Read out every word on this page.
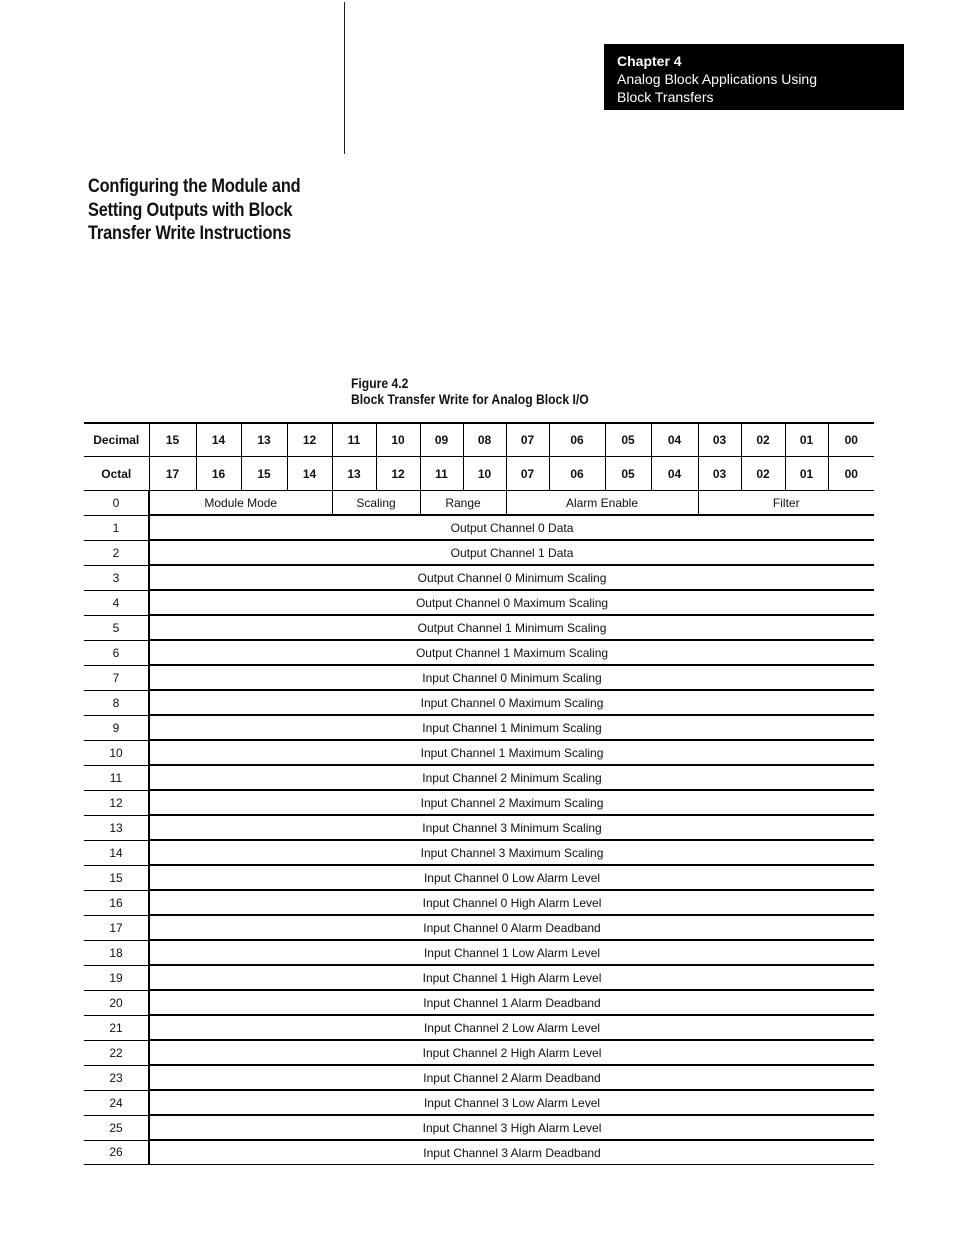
Chapter 4
Analog Block Applications Using
Block Transfers
Configuring the Module and
Setting Outputs with Block
Transfer Write Instructions
Figure 4.2
Block Transfer Write for Analog Block I/O
Decimal	15	14	13	12	11	10	09	08	07	06	05	04	03	02	01	00
Octal	17	16	15	14	13	12	11	10	07	06	05	04	03	02	01	00
0	Module Mode				Scaling		Range		Alarm Enable				Filter			
1	Output Channel 0 Data															
2	Output Channel 1 Data															
3	Output Channel 0 Minimum Scaling															
4	Output Channel 0 Maximum Scaling															
5	Output Channel 1 Minimum Scaling															
6	Output Channel 1 Maximum Scaling															
7	Input Channel 0 Minimum Scaling															
8	Input Channel 0 Maximum Scaling															
9	Input Channel 1 Minimum Scaling															
10	Input Channel 1 Maximum Scaling															
11	Input Channel 2 Minimum Scaling															
12	Input Channel 2 Maximum Scaling															
13	Input Channel 3 Minimum Scaling															
14	Input Channel 3 Maximum Scaling															
15	Input Channel 0 Low Alarm Level															
16	Input Channel 0 High Alarm Level															
17	Input Channel 0 Alarm Deadband															
18	Input Channel 1 Low Alarm Level															
19	Input Channel 1 High Alarm Level															
20	Input Channel 1 Alarm Deadband															
21	Input Channel 2 Low Alarm Level															
22	Input Channel 2 High Alarm Level															
23	Input Channel 2 Alarm Deadband															
24	Input Channel 3 Low Alarm Level															
25	Input Channel 3 High Alarm Level															
26	Input Channel 3 Alarm Deadband															
